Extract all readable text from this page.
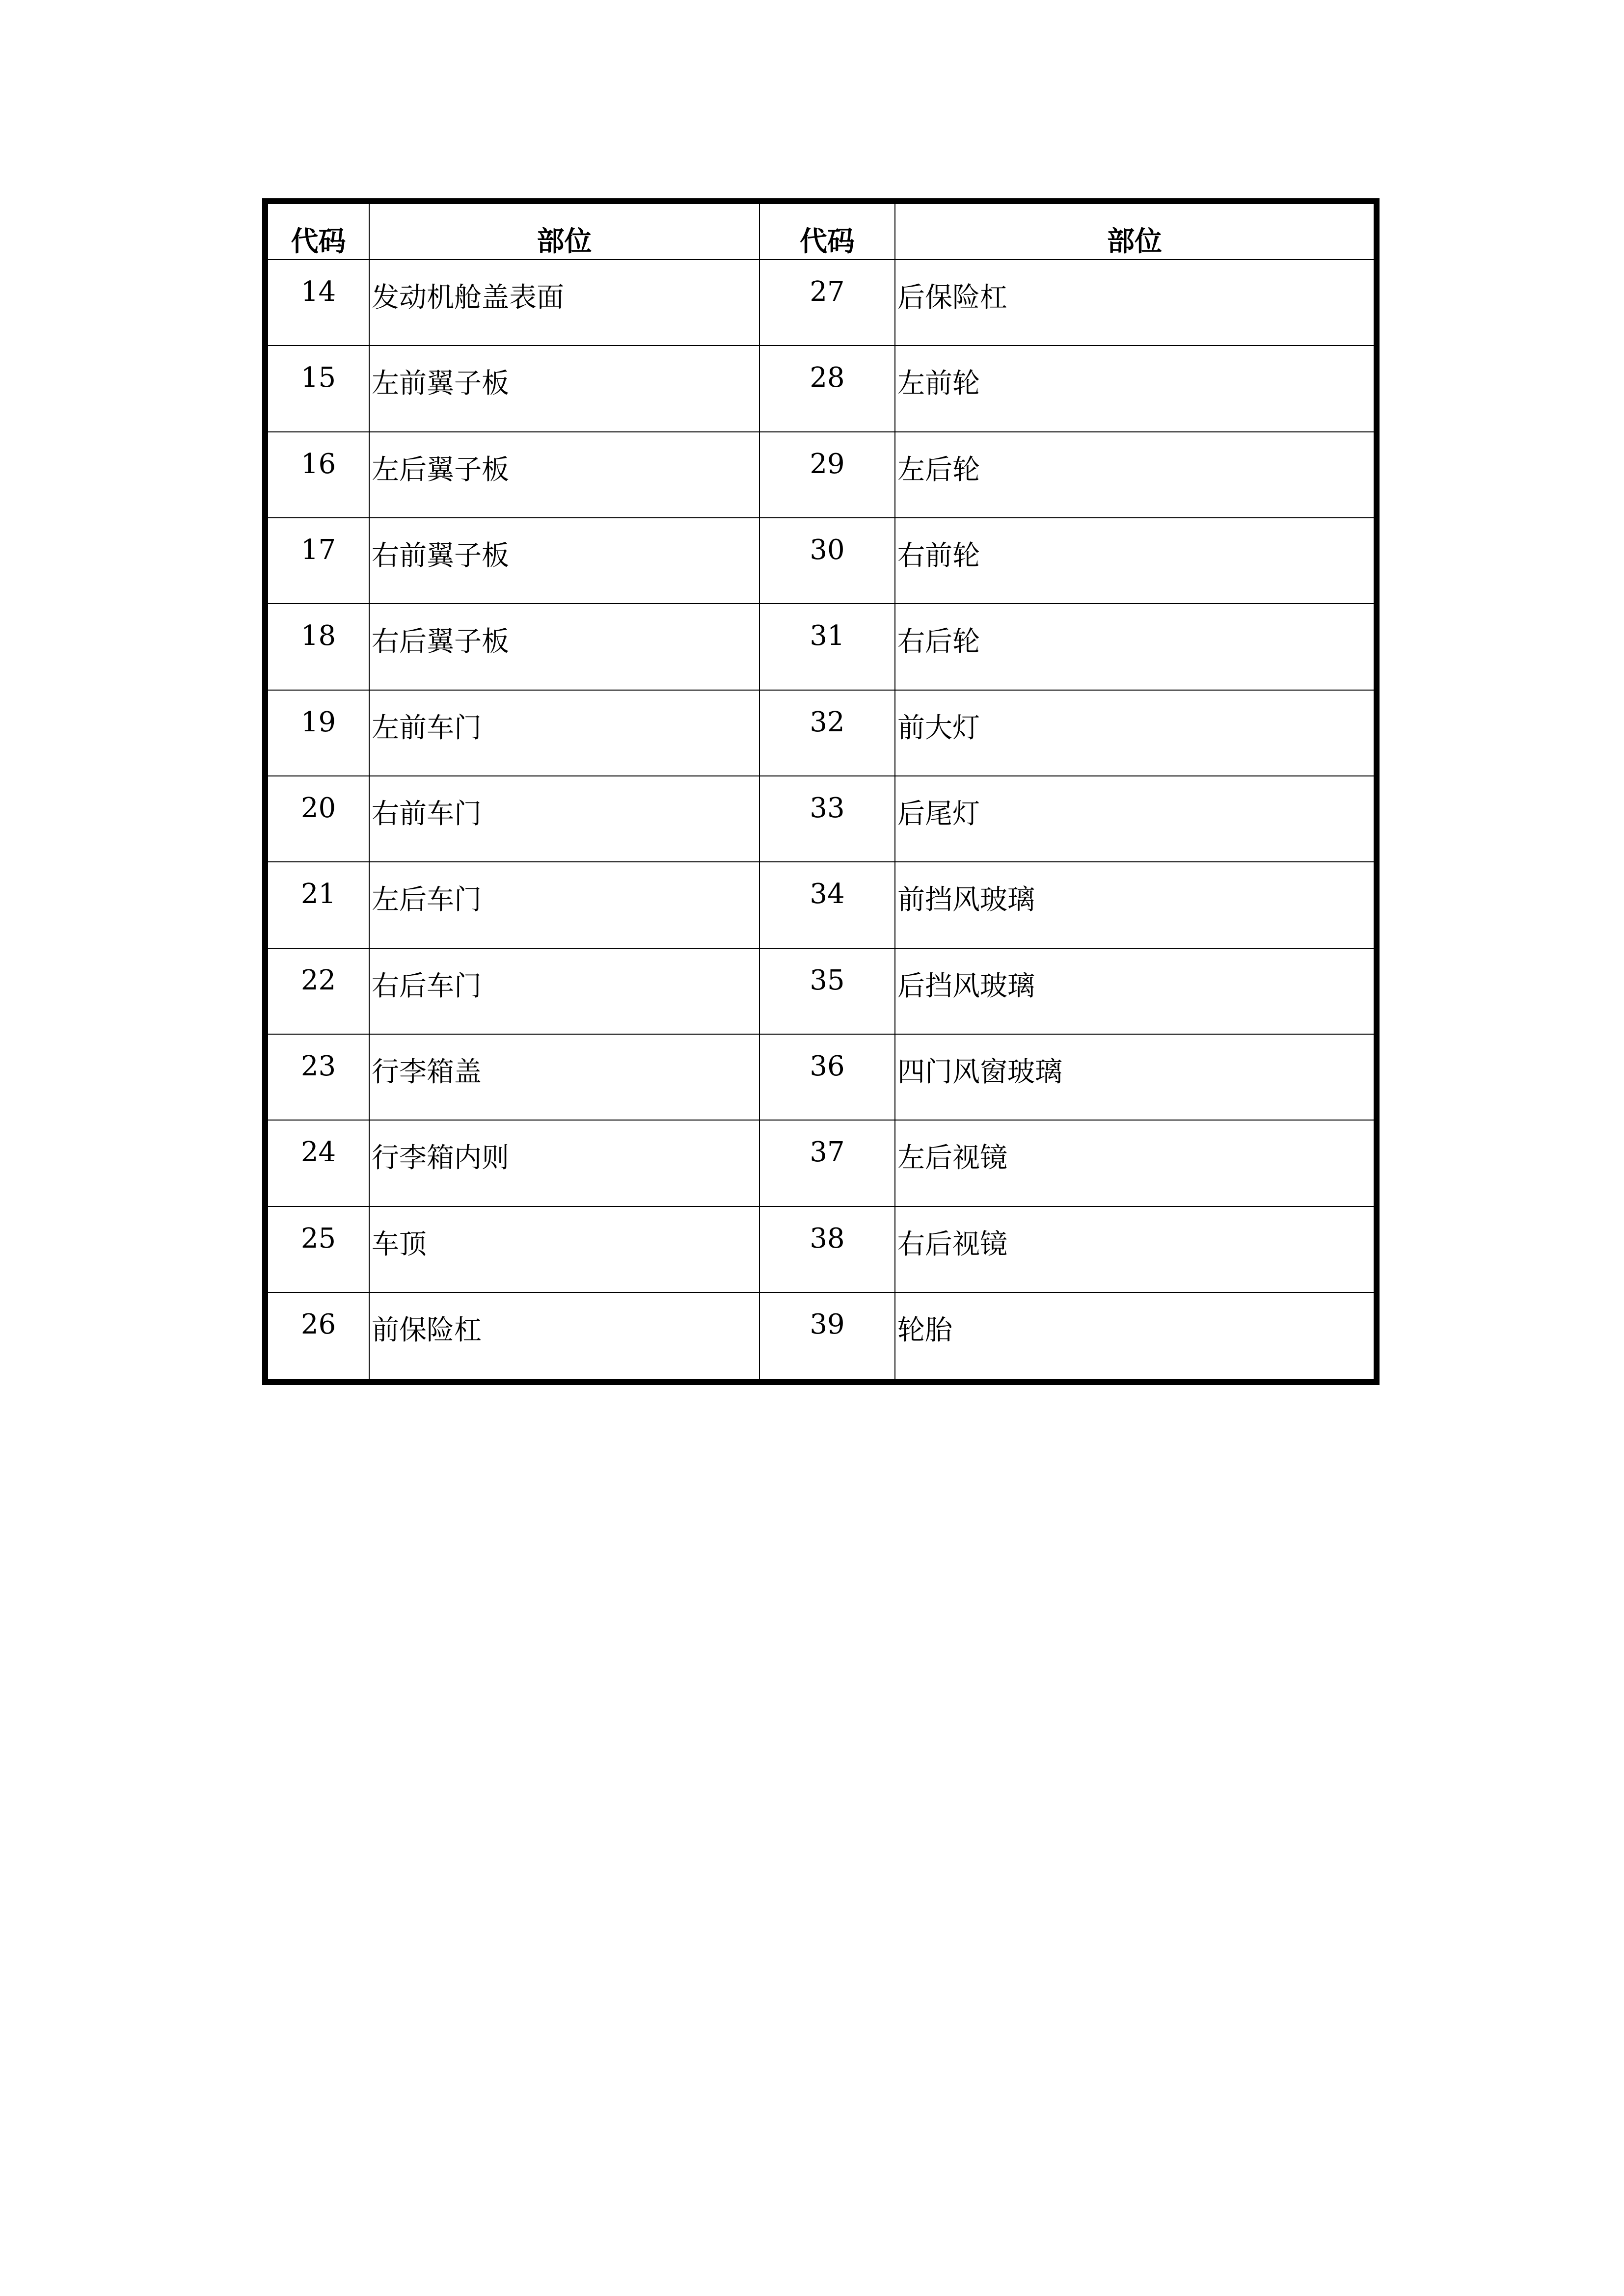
代码	部位	代码	部位
14	发动机舱盖表面	27	后保险杠
15	左前翼子板	28	左前轮
16	左后翼子板	29	左后轮
17	右前翼子板	30	右前轮
18	右后翼子板	31	右后轮
19	左前车门	32	前大灯
20	右前车门	33	后尾灯
21	左后车门	34	前挡风玻璃
22	右后车门	35	后挡风玻璃
23	行李箱盖	36	四门风窗玻璃
24	行李箱内则	37	左后视镜
25	车顶	38	右后视镜
26	前保险杠	39	轮胎
